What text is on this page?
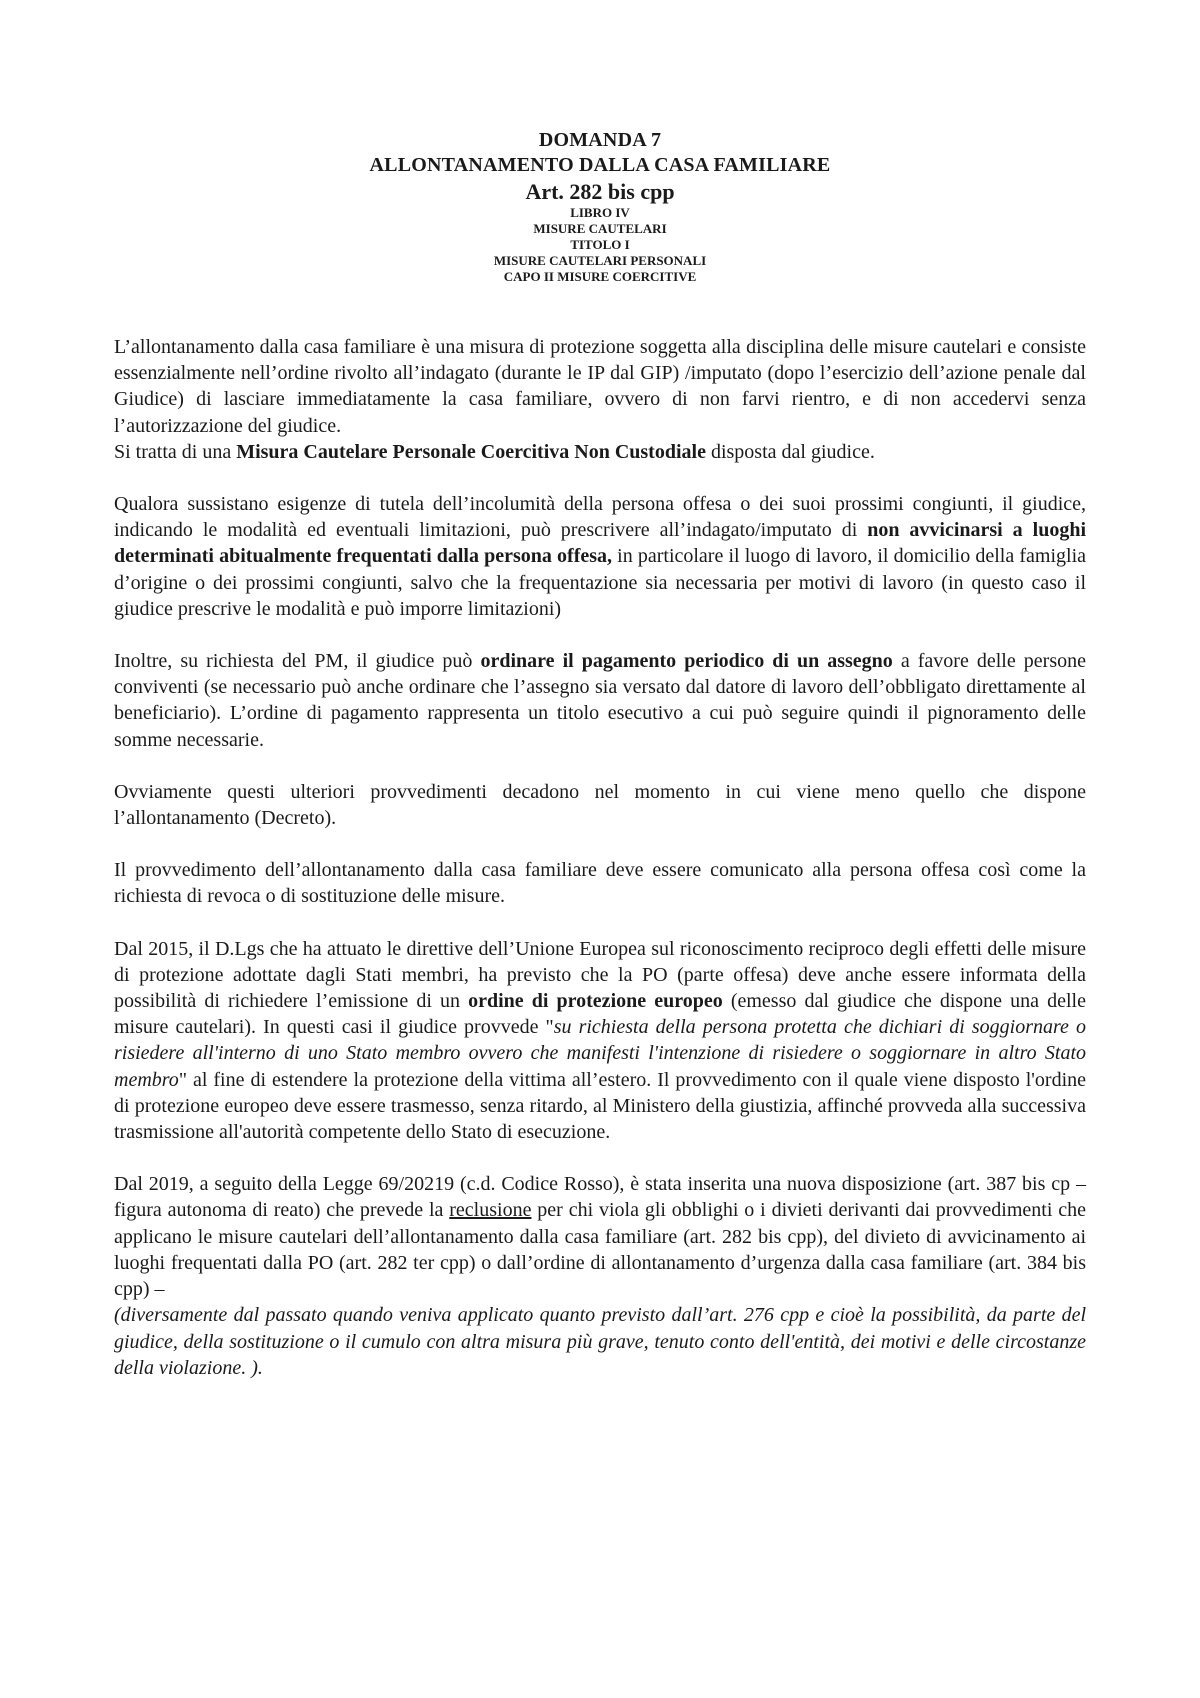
DOMANDA 7
ALLONTANAMENTO DALLA CASA FAMILIARE
Art. 282 bis cpp
LIBRO IV
MISURE CAUTELARI
TITOLO I
MISURE CAUTELARI PERSONALI
CAPO II MISURE COERCITIVE

L’allontanamento dalla casa familiare è una misura di protezione soggetta alla disciplina delle misure cautelari e consiste essenzialmente nell’ordine rivolto all’indagato (durante le IP dal GIP) /imputato (dopo l’esercizio dell’azione penale dal Giudice) di lasciare immediatamente la casa familiare, ovvero di non farvi rientro, e di non accedervi senza l’autorizzazione del giudice.

Si tratta di una Misura Cautelare Personale Coercitiva Non Custodiale disposta dal giudice.

Qualora sussistano esigenze di tutela dell’incolumità della persona offesa o dei suoi prossimi congiunti, il giudice, indicando le modalità ed eventuali limitazioni, può prescrivere all’indagato/imputato di non avvicinarsi a luoghi determinati abitualmente frequentati dalla persona offesa, in particolare il luogo di lavoro, il domicilio della famiglia d’origine o dei prossimi congiunti, salvo che la frequentazione sia necessaria per motivi di lavoro (in questo caso il giudice prescrive le modalità e può imporre limitazioni)

Inoltre, su richiesta del PM, il giudice può ordinare il pagamento periodico di un assegno a favore delle persone conviventi (se necessario può anche ordinare che l’assegno sia versato dal datore di lavoro dell’obbligato direttamente al beneficiario). L’ordine di pagamento rappresenta un titolo esecutivo a cui può seguire quindi il pignoramento delle somme necessarie.

Ovviamente questi ulteriori provvedimenti decadono nel momento in cui viene meno quello che dispone l’allontanamento (Decreto).

Il provvedimento dell’allontanamento dalla casa familiare deve essere comunicato alla persona offesa così come la richiesta di revoca o di sostituzione delle misure.

Dal 2015, il D.Lgs che ha attuato le direttive dell’Unione Europea sul riconoscimento reciproco degli effetti delle misure di protezione adottate dagli Stati membri, ha previsto che la PO (parte offesa) deve anche essere informata della possibilità di richiedere l’emissione di un ordine di protezione europeo (emesso dal giudice che dispone una delle misure cautelari). In questi casi il giudice provvede "su richiesta della persona protetta che dichiari di soggiornare o risiedere all'interno di uno Stato membro ovvero che manifesti l'intenzione di risiedere o soggiornare in altro Stato membro" al fine di estendere la protezione della vittima all’estero. Il provvedimento con il quale viene disposto l'ordine di protezione europeo deve essere trasmesso, senza ritardo, al Ministero della giustizia, affinché provveda alla successiva trasmissione all'autorità competente dello Stato di esecuzione.

Dal 2019, a seguito della Legge 69/20219 (c.d. Codice Rosso), è stata inserita una nuova disposizione (art. 387 bis cp – figura autonoma di reato) che prevede la reclusione per chi viola gli obblighi o i divieti derivanti dai provvedimenti che applicano le misure cautelari dell’allontanamento dalla casa familiare (art. 282 bis cpp), del divieto di avvicinamento ai luoghi frequentati dalla PO (art. 282 ter cpp) o dall’ordine di allontanamento d’urgenza dalla casa familiare (art. 384 bis cpp) –

(diversamente dal passato quando veniva applicato quanto previsto dall’art. 276 cpp e cioè la possibilità, da parte del giudice, della sostituzione o il cumulo con altra misura più grave, tenuto conto dell'entità, dei motivi e delle circostanze della violazione. ).
